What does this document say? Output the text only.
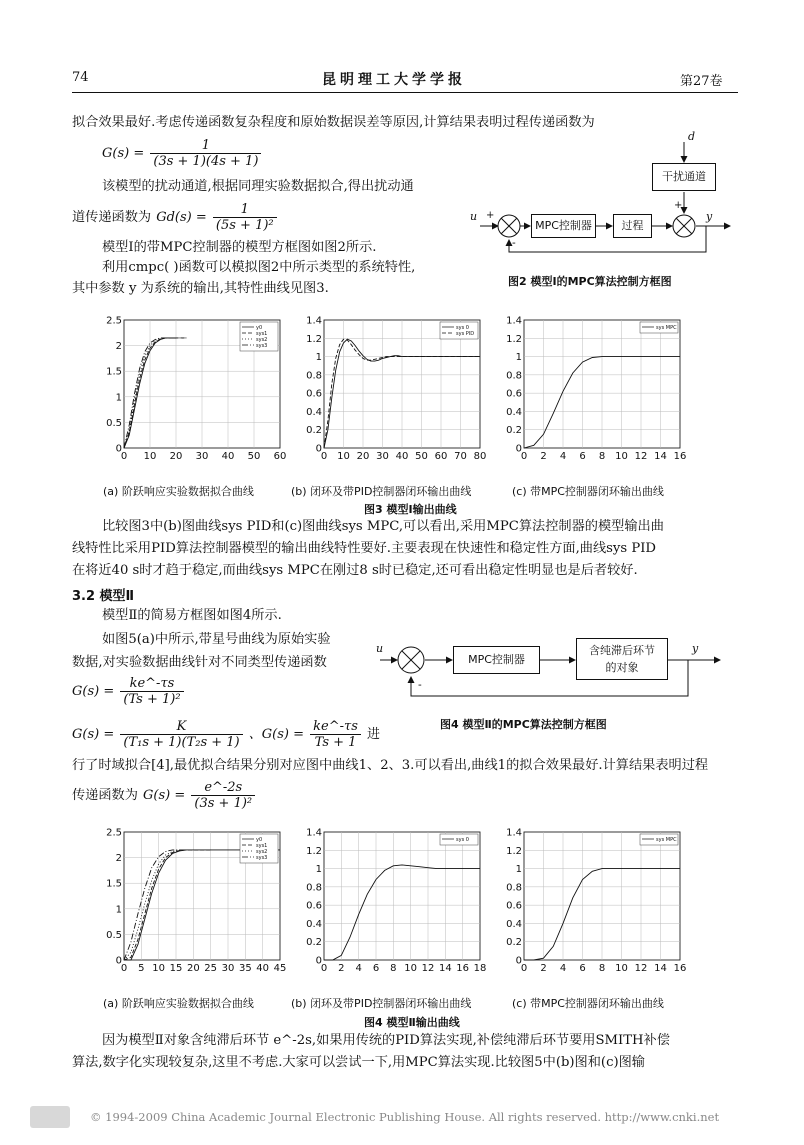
74	昆明理工大学学报	第27卷
拟合效果最好.考虑传递函数复杂程度和原始数据误差等原因,计算结果表明过程传递函数为
$G(s) = \frac{1}{(3s + 1)(4s + 1)}$
该模型的扰动通道,根据同理实验数据拟合,得出扰动通
道传递函数为 $Gd(s) = \frac{1}{\text{(5s + 1)²}}$
模型Ⅰ的带MPC控制器的模型方框图如图2所示.
利用cmpc( )函数可以模拟图2中所示类型的系统特性,
其中参数 y 为系统的输出,其特性曲线见图3.
d
干扰通道
u +
+
-
MPC控制器	过程
y
图2 模型Ⅰ的MPC算法控制方框图
0 10 20 30 40 50 60
0
0.5
1
1.5
2
2.5
y0
sys1
sys2
sys3
0 10 20 30 40 50 60 70 80
0
0.2
0.4
0.6
0.8
1
1.2
1.4
sys 0
sys PID
0 2 4 6 8 10 12 14 16
0
0.2
0.4
0.6
0.8
1
1.2
1.4
sys MPC
(a) 阶跃响应实验数据拟合曲线	(b) 闭环及带PID控制器闭环输出曲线	(c) 带MPC控制器闭环输出曲线
图3 模型Ⅰ输出曲线
比较图3中(b)图曲线sys PID和(c)图曲线sys MPC,可以看出,采用MPC算法控制器的模型输出曲
线特性比采用PID算法控制器模型的输出曲线特性要好.主要表现在快速性和稳定性方面,曲线sys PID
在将近40 s时才趋于稳定,而曲线sys MPC在刚过8 s时已稳定,还可看出稳定性明显也是后者较好.
3.2 模型Ⅱ
模型Ⅱ的简易方框图如图4所示.
如图5(a)中所示,带星号曲线为原始实验
数据,对实验数据曲线针对不同类型传递函数
$G(s) = \frac{ke\^{}-\tau s}{\text{(Ts + 1)²}}$
$G(s) = \frac{K}{\text{(T₁s + 1)(T₂s + 1)}}$ 、$G(s) = \frac{ke\^{}-\tau s}{Ts + 1}$ 进
u
-
MPC控制器
含纯滞后环节
的对象
y
图4 模型Ⅱ的MPC算法控制方框图
行了时域拟合[4],最优拟合结果分别对应图中曲线1、2、3.可以看出,曲线1的拟合效果最好.计算结果表明过程
传递函数为 $G(s) = \frac{e\^{}-2s}{\text{(3s + 1)²}}$
0 5 10 15 20 25 30 35 40 45
0
0.5
1
1.5
2
2.5
y0
sys1
sys2
sys3
0 2 4 6 8 10 12 14 16 18
0
0.2
0.4
0.6
0.8
1
1.2
1.4
sys 0
0 2 4 6 8 10 12 14 16
0
0.2
0.4
0.6
0.8
1
1.2
1.4
sys MPC
(a) 阶跃响应实验数据拟合曲线	(b) 闭环及带PID控制器闭环输出曲线	(c) 带MPC控制器闭环输出曲线
图4 模型Ⅱ输出曲线
因为模型Ⅱ对象含纯滞后环节 e^-2s,如果用传统的PID算法实现,补偿纯滞后环节要用SMITH补偿
算法,数字化实现较复杂,这里不考虑.大家可以尝试一下,用MPC算法实现.比较图5中(b)图和(c)图输
© 1994-2009 China Academic Journal Electronic Publishing House. All rights reserved. http://www.cnki.net
